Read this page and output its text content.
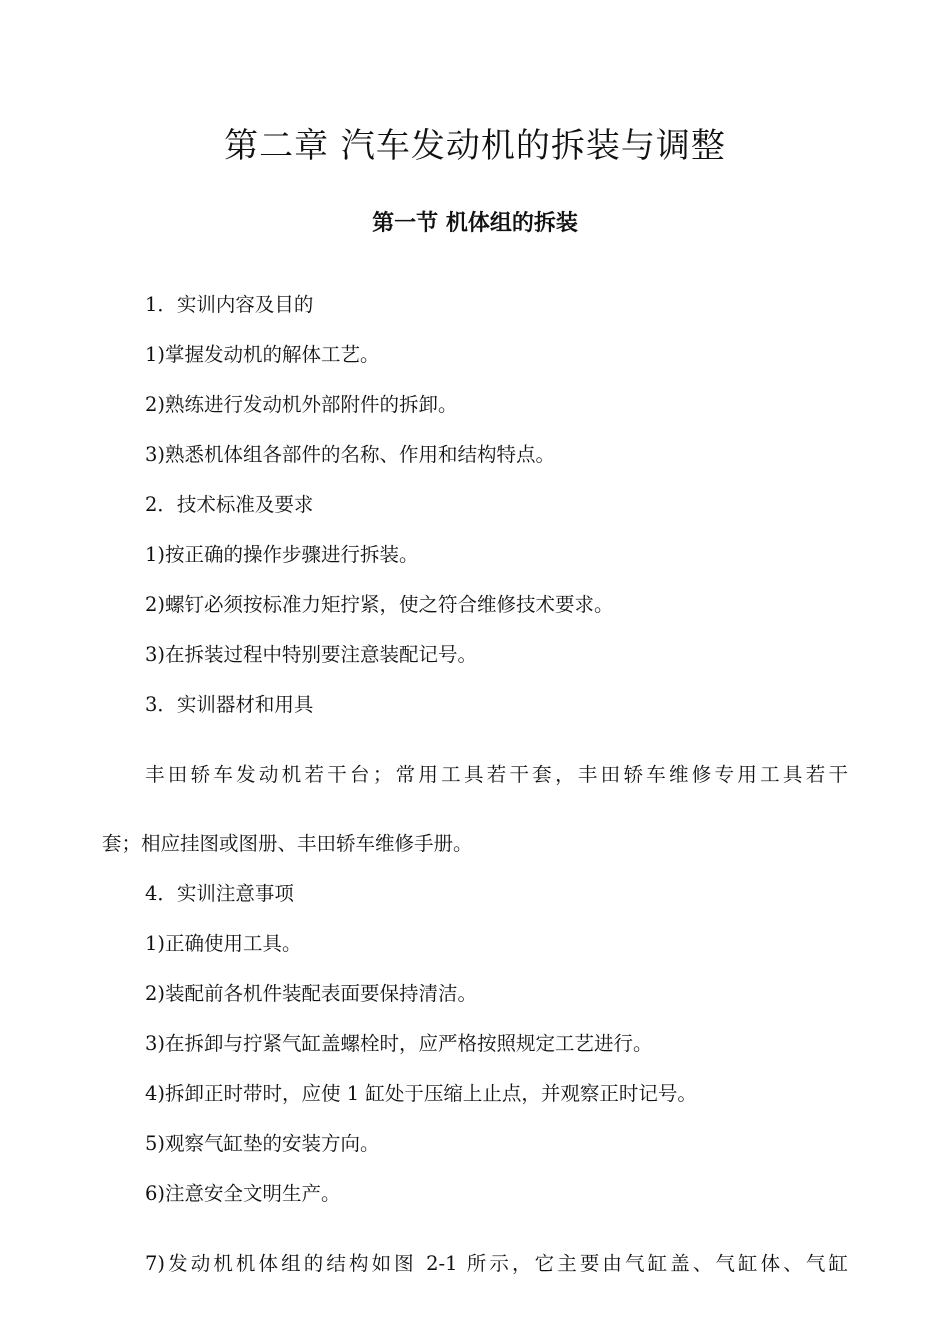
第二章 汽车发动机的拆装与调整
第一节 机体组的拆装

1．实训内容及目的

1)掌握发动机的解体工艺。

2)熟练进行发动机外部附件的拆卸。

3)熟悉机体组各部件的名称、作用和结构特点。

2．技术标准及要求

1)按正确的操作步骤进行拆装。

2)螺钉必须按标准力矩拧紧，使之符合维修技术要求。

3)在拆装过程中特别要注意装配记号。

3．实训器材和用具

丰田轿车发动机若干台；常用工具若干套，丰田轿车维修专用工具若干

套；相应挂图或图册、丰田轿车维修手册。

4．实训注意事项

1)正确使用工具。

2)装配前各机件装配表面要保持清洁。

3)在拆卸与拧紧气缸盖螺栓时，应严格按照规定工艺进行。

4)拆卸正时带时，应使 1 缸处于压缩上止点，并观察正时记号。

5)观察气缸垫的安装方向。

6)注意安全文明生产。

7)发动机机体组的结构如图 2-1 所示，它主要由气缸盖、气缸体、气缸
